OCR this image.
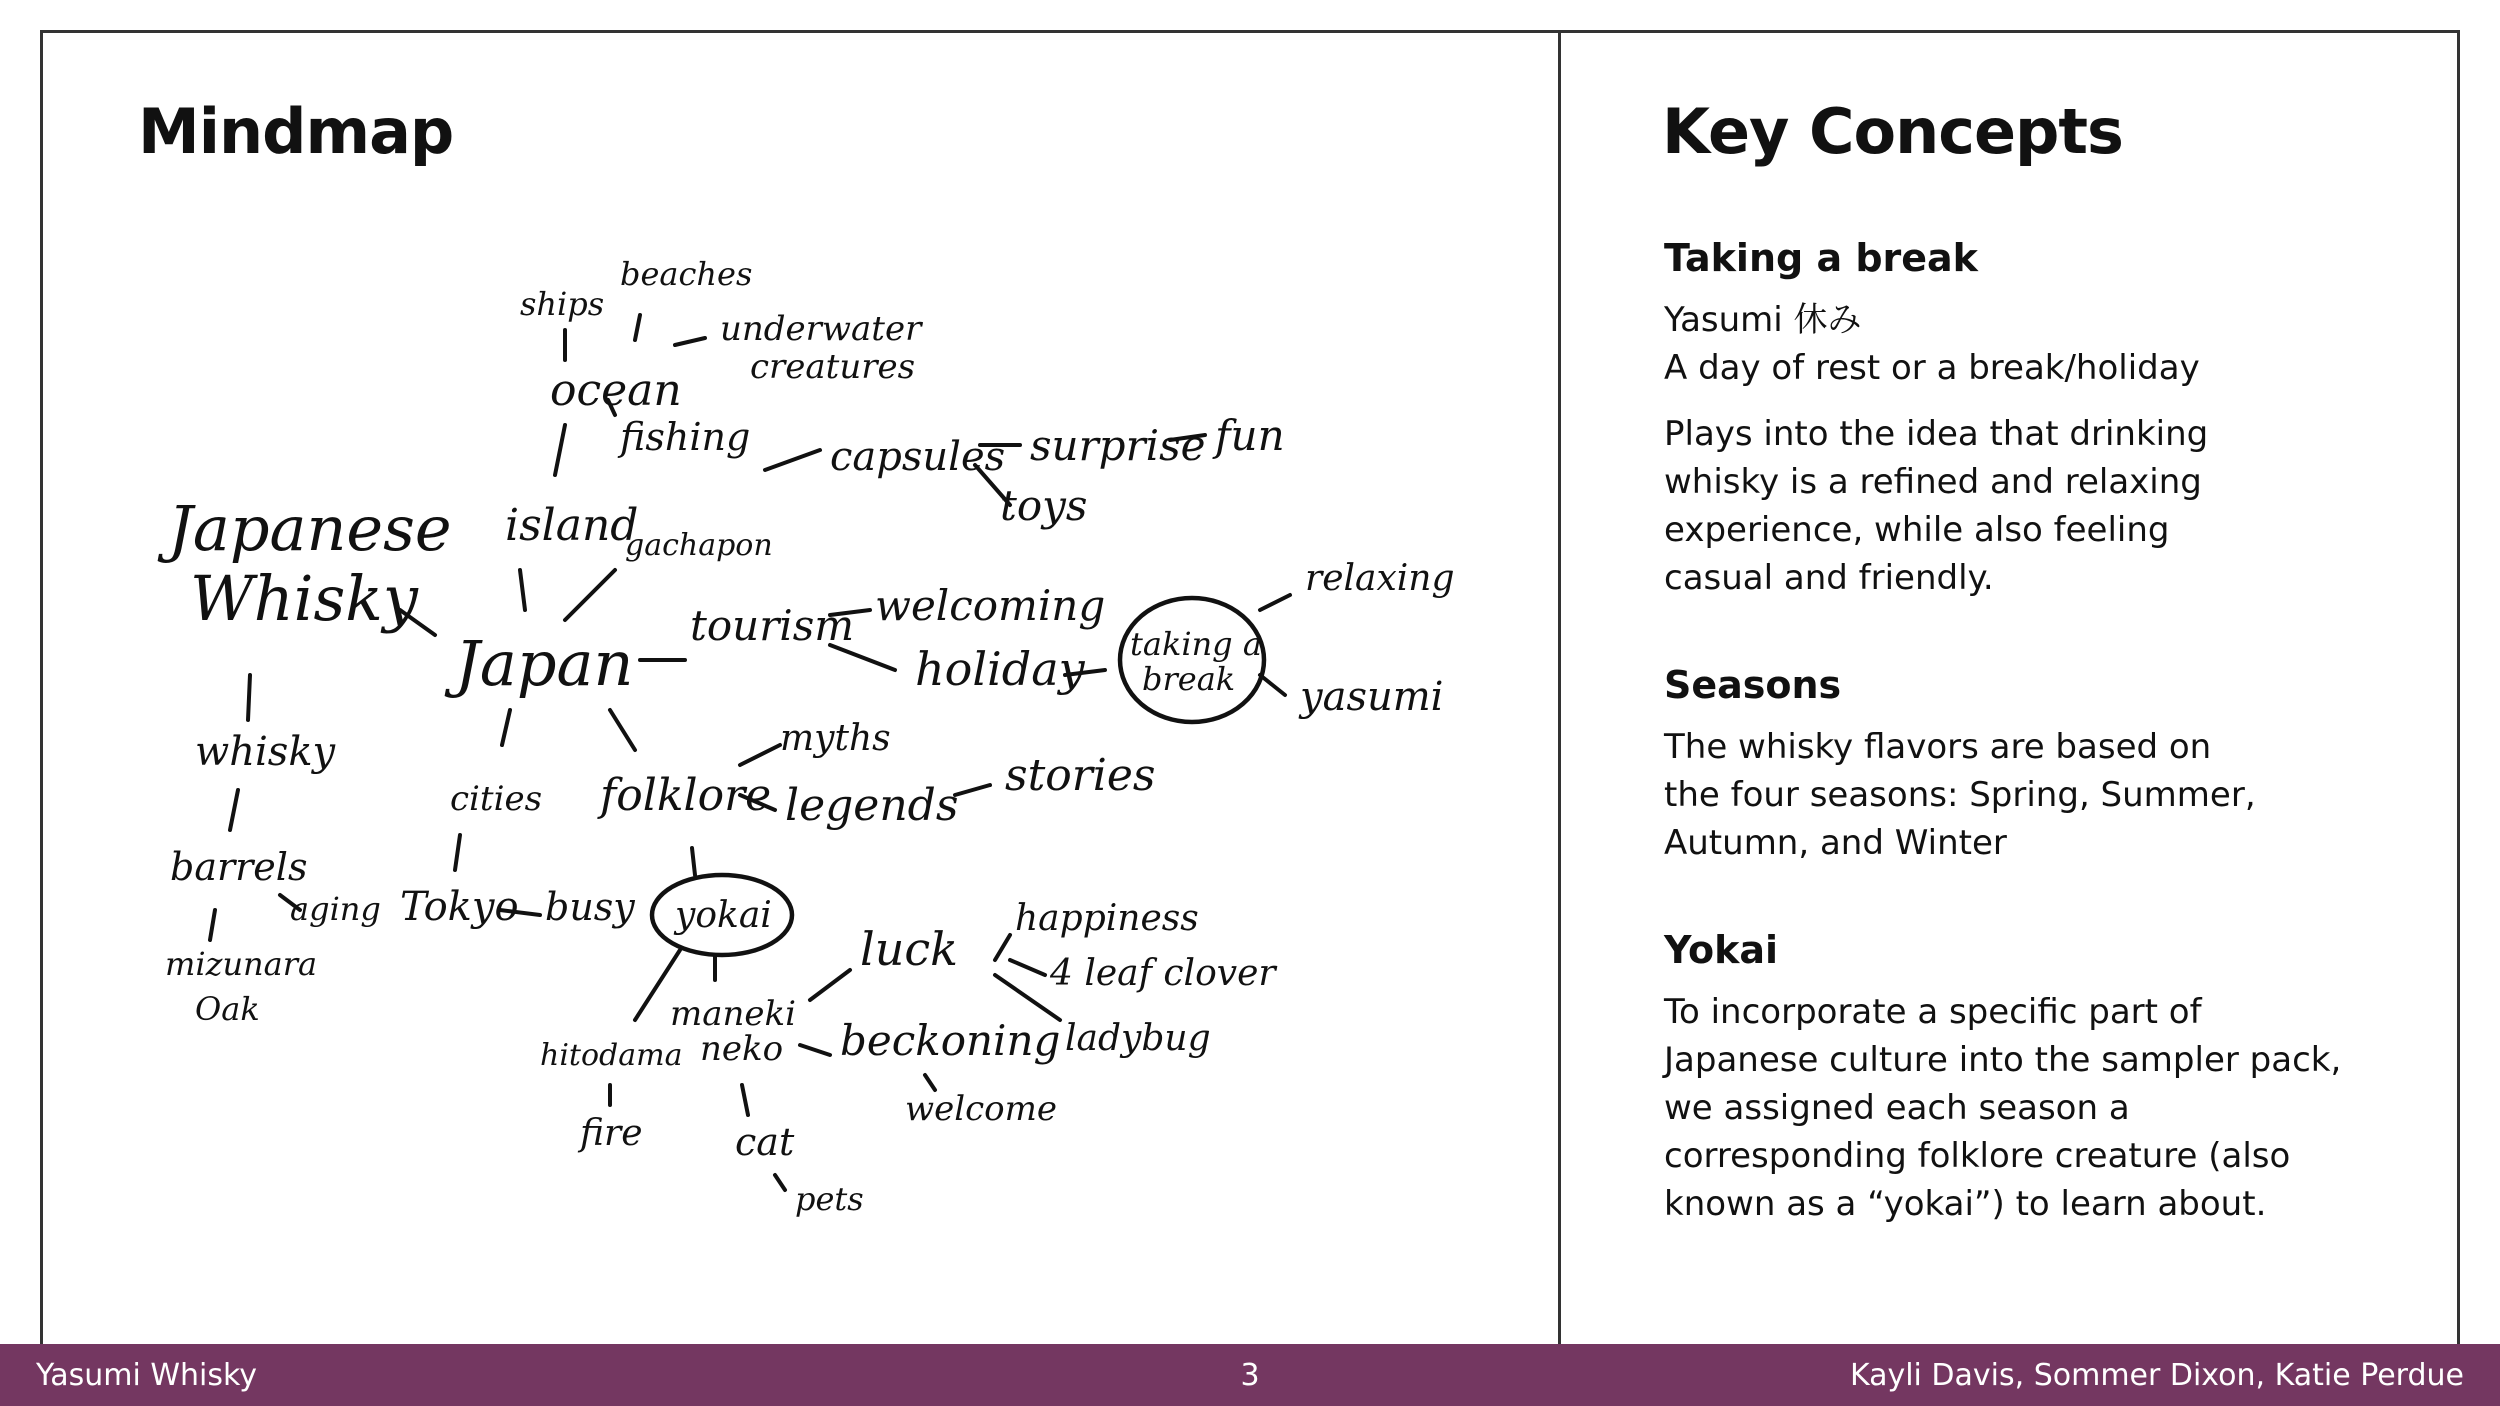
Mindmap
Japanese
Whisky
Japan
whisky
barrels
aging
mizunara
Oak
island
ocean
ships
beaches
underwater
creatures
fishing
gachapon
capsules surprise fun
toys
tourism welcoming
holiday taking a
break
relaxing
yasumi
cities
Tokyo busy
folklore
myths
legends
stories
yokai
hitodama
fire
maneki
neko
cat
pets
beckoning
welcome
luck
happiness
4 leaf clover
ladybug
Key Concepts
Taking a break

Yasumi 休み
A day of rest or a break/holiday

Plays into the idea that drinking
whisky is a refined and relaxing
experience, while also feeling
casual and friendly.

Seasons

The whisky flavors are based on
the four seasons: Spring, Summer,
Autumn, and Winter

Yokai

To incorporate a specific part of
Japanese culture into the sampler pack,
we assigned each season a
corresponding folklore creature (also
known as a “yokai”) to learn about.

Yasumi Whisky	3	Kayli Davis, Sommer Dixon, Katie Perdue
